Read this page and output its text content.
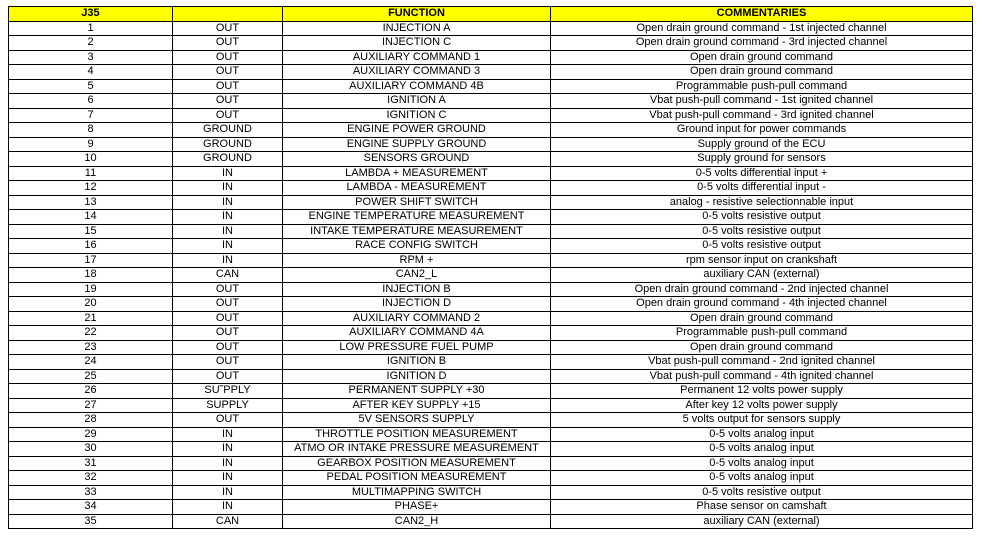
J35		FUNCTION	COMMENTARIES
1	OUT	INJECTION A	Open drain ground command - 1st injected channel
2	OUT	INJECTION C	Open drain ground command - 3rd injected channel
3	OUT	AUXILIARY COMMAND 1	Open drain ground command
4	OUT	AUXILIARY COMMAND 3	Open drain ground command
5	OUT	AUXILIARY COMMAND 4B	Programmable push-pull command
6	OUT	IGNITION A	Vbat push-pull command - 1st ignited channel
7	OUT	IGNITION C	Vbat push-pull command - 3rd ignited channel
8	GROUND	ENGINE POWER GROUND	Ground input for power commands
9	GROUND	ENGINE SUPPLY GROUND	Supply ground of the ECU
10	GROUND	SENSORS GROUND	Supply ground for sensors
11	IN	LAMBDA + MEASUREMENT	0-5 volts differential input +
12	IN	LAMBDA - MEASUREMENT	0-5 volts differential input -
13	IN	POWER SHIFT SWITCH	analog - resistive selectionnable input
14	IN	ENGINE TEMPERATURE MEASUREMENT	0-5 volts resistive output
15	IN	INTAKE TEMPERATURE MEASUREMENT	0-5 volts resistive output
16	IN	RACE CONFIG SWITCH	0-5 volts resistive output
17	IN	RPM +	rpm sensor input on crankshaft
18	CAN	CAN2_L	auxiliary CAN (external)
19	OUT	INJECTION B	Open drain ground command - 2nd injected channel
20	OUT	INJECTION D	Open drain ground command - 4th injected channel
21	OUT	AUXILIARY COMMAND 2	Open drain ground command
22	OUT	AUXILIARY COMMAND 4A	Programmable push-pull command
23	OUT	LOW PRESSURE FUEL PUMP	Open drain ground command
24	OUT	IGNITION B	Vbat push-pull command - 2nd ignited channel
25	OUT	IGNITION D	Vbat push-pull command - 4th ignited channel
26	SU˜PPLY	PERMANENT SUPPLY +30	Permanent 12 volts power supply
27	SUPPLY	AFTER KEY SUPPLY +15	After key 12 volts power supply
28	OUT	5V SENSORS SUPPLY	5 volts output for sensors supply
29	IN	THROTTLE POSITION MEASUREMENT	0-5 volts analog input
30	IN	ATMO OR INTAKE PRESSURE MEASUREMENT	0-5 volts analog input
31	IN	GEARBOX POSITION MEASUREMENT	0-5 volts analog input
32	IN	PEDAL POSITION MEASUREMENT	0-5 volts analog input
33	IN	MULTIMAPPING SWITCH	0-5 volts resistive output
34	IN	PHASE+	Phase sensor on camshaft
35	CAN	CAN2_H	auxiliary CAN (external)
